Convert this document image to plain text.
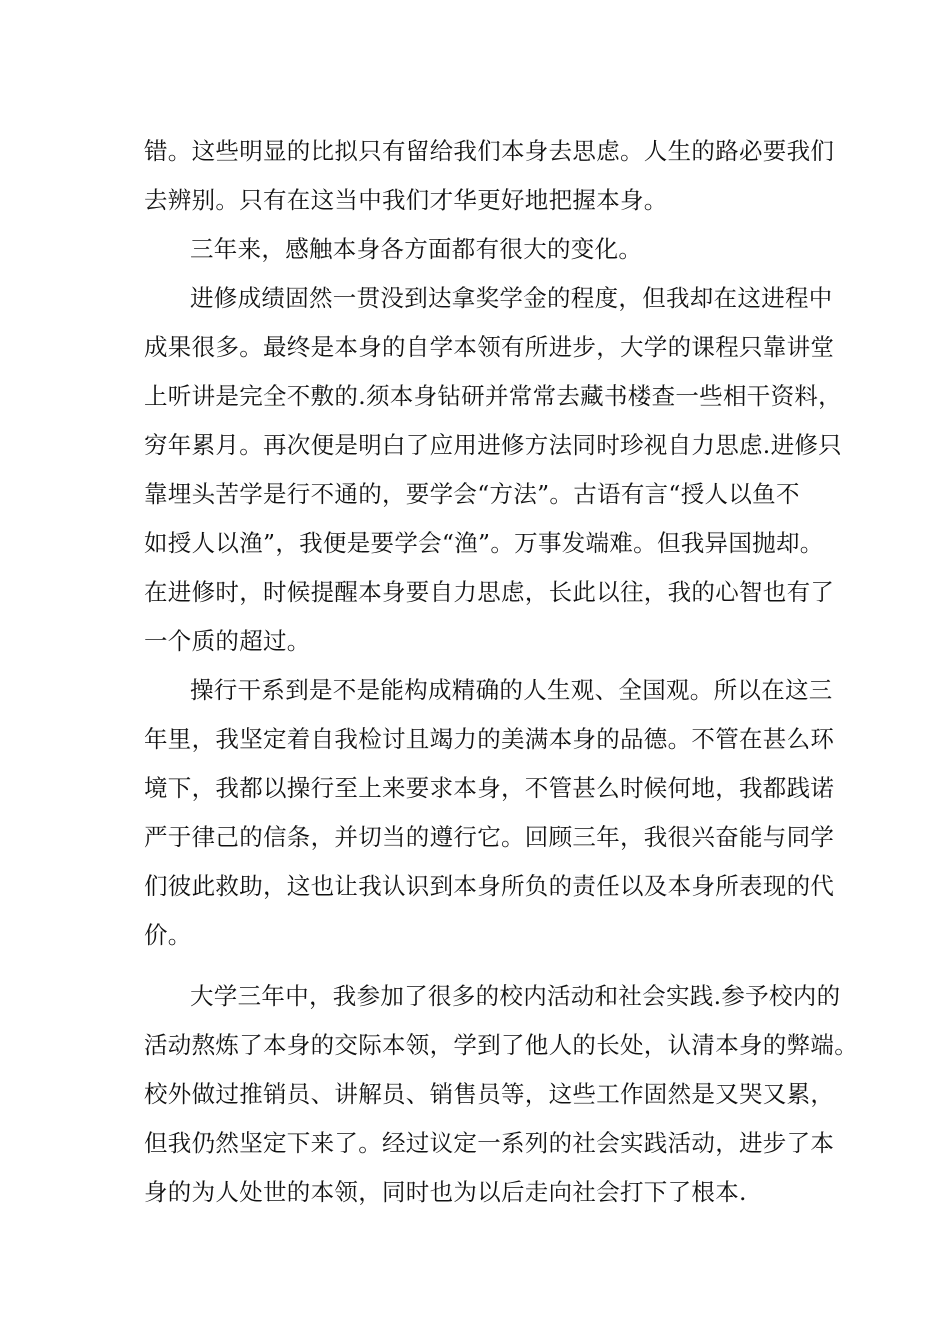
错。这些明显的比拟只有留给我们本身去思虑。人生的路必要我们
去辨别。只有在这当中我们才华更好地把握本身。
三年来，感触本身各方面都有很大的变化。
进修成绩固然一贯没到达拿奖学金的程度，但我却在这进程中
成果很多。最终是本身的自学本领有所进步，大学的课程只靠讲堂
上听讲是完全不敷的.须本身钻研并常常去藏书楼查一些相干资料，
穷年累月。再次便是明白了应用进修方法同时珍视自力思虑.进修只
靠埋头苦学是行不通的，要学会“方法”。古语有言“授人以鱼不
如授人以渔”，我便是要学会“渔”。万事发端难。但我异国抛却。
在进修时，时候提醒本身要自力思虑，长此以往，我的心智也有了
一个质的超过。
操行干系到是不是能构成精确的人生观、全国观。所以在这三
年里，我坚定着自我检讨且竭力的美满本身的品德。不管在甚么环
境下，我都以操行至上来要求本身，不管甚么时候何地，我都践诺
严于律己的信条，并切当的遵行它。回顾三年，我很兴奋能与同学
们彼此救助，这也让我认识到本身所负的责任以及本身所表现的代
价。
大学三年中，我参加了很多的校内活动和社会实践.参予校内的
活动熬炼了本身的交际本领，学到了他人的长处，认清本身的弊端。
校外做过推销员、讲解员、销售员等，这些工作固然是又哭又累，
但我仍然坚定下来了。经过议定一系列的社会实践活动，进步了本
身的为人处世的本领，同时也为以后走向社会打下了根本.
